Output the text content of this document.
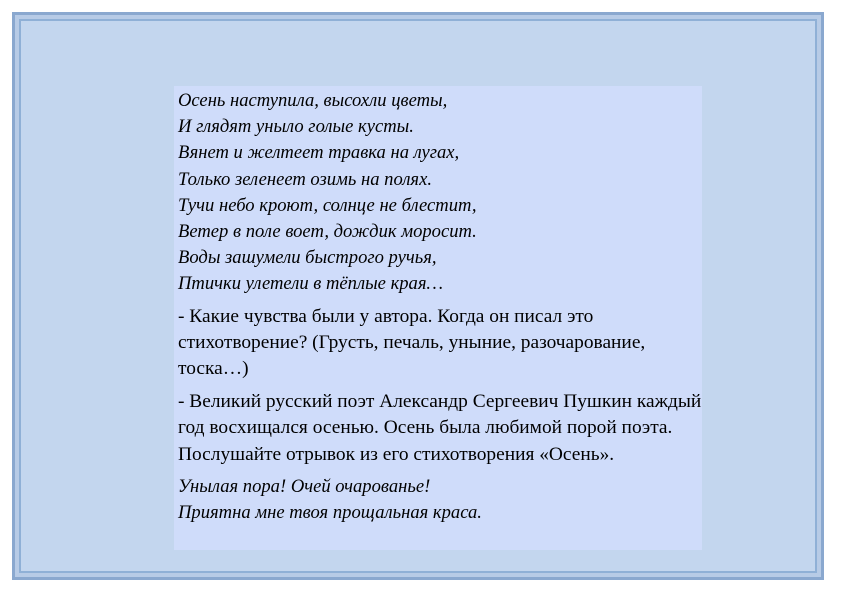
Осень наступила, высохли цветы,
И глядят уныло голые кусты.
Вянет и желтеет травка на лугах,
Только зеленеет озимь на полях.
Тучи небо кроют, солнце не блестит,
Ветер в поле воет, дождик моросит.
Воды зашумели быстрого ручья,
Птички улетели в тёплые края…

- Какие чувства были у автора. Когда он писал это стихотворение? (Грусть, печаль, уныние, разочарование, тоска…)

- Великий русский поэт Александр Сергеевич Пушкин каждый год восхищался осенью. Осень была любимой порой поэта. Послушайте отрывок из его стихотворения «Осень».

Унылая пора! Очей очарованье!
Приятна мне твоя прощальная краса.
